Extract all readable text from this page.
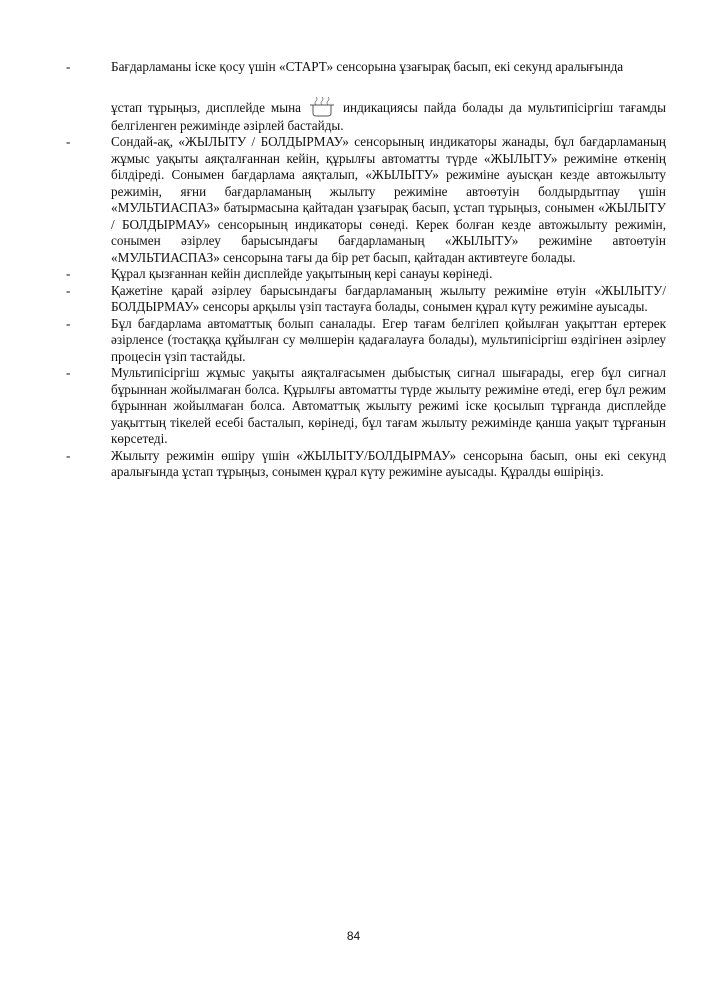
-	Бағдарламаны іске қосу үшін «СТАРТ» сенсорына ұзағырақ басып, екі секунд аралығында
ұстап тұрыңыз, дисплейде мына	индикациясы пайда болады да мультипісіргіш тағамды белгіленген режимінде әзірлей бастайды.
-	Сондай-ақ, «ЖЫЛЫТУ / БОЛДЫРМАУ» сенсорының индикаторы жанады, бұл бағдарламаның жұмыс уақыты аяқталғаннан кейін, құрылғы автоматты түрде «ЖЫЛЫТУ» режиміне өткенің білдіреді. Сонымен бағдарлама аяқталып, «ЖЫЛЫТУ» режиміне ауысқан кезде автожылыту режимін, яғни бағдарламаның жылыту режиміне автоөтуін болдырдытпау үшін «МУЛЬТИАСПАЗ» батырмасына қайтадан ұзағырақ басып, ұстап тұрыңыз, сонымен «ЖЫЛЫТУ / БОЛДЫРМАУ» сенсорының индикаторы сөнеді. Керек болған кезде автожылыту режимін, сонымен әзірлеу барысындағы бағдарламаның «ЖЫЛЫТУ» режиміне автоөтуін «МУЛЬТИАСПАЗ» сенсорына тағы да бір рет басып, қайтадан активтеуге болады.
-	Құрал қызғаннан кейін дисплейде уақытының кері санауы көрінеді.
-	Қажетіне қарай әзірлеу барысындағы бағдарламаның жылыту режиміне өтуін «ЖЫЛЫТУ/БОЛДЫРМАУ» сенсоры арқылы үзіп тастауға болады, сонымен құрал күту режиміне ауысады.
-	Бұл бағдарлама автоматтық болып саналады. Егер тағам белгілеп қойылған уақыттан ертерек әзірленсе (тостаққа құйылған су мөлшерін қадағалауға болады), мультипісіргіш өздігінен әзірлеу процесін үзіп тастайды.
-	Мультипісіргіш жұмыс уақыты аяқталғасымен дыбыстық сигнал шығарады, егер бұл сигнал бұрыннан жойылмаған болса. Құрылғы автоматты түрде жылыту режиміне өтеді, егер бұл режим бұрыннан жойылмаған болса. Автоматтық жылыту режимі іске қосылып тұрғанда дисплейде уақыттың тікелей есебі басталып, көрінеді, бұл тағам жылыту режимінде қанша уақыт тұрғанын көрсетеді.
-	Жылыту режимін өшіру үшін «ЖЫЛЫТУ/БОЛДЫРМАУ» сенсорына басып, оны екі секунд аралығында ұстап тұрыңыз, сонымен құрал күту режиміне ауысады. Құралды өшіріңіз.
84
